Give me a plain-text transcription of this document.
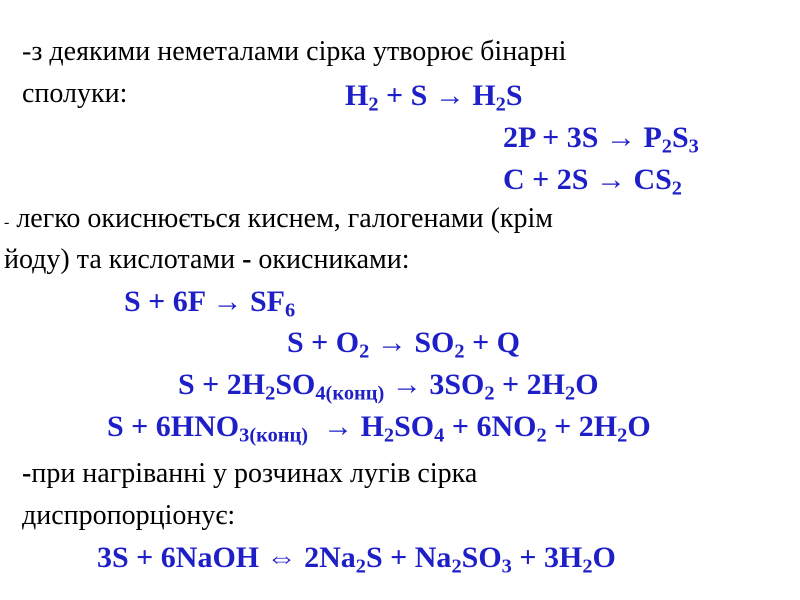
-з деякими неметалами сірка утворює бінарні
сполуки:	$H_2 + S \to H_2S$
$2P + 3S \to P_2S_3$
$C + 2S \to CS_2$
- легко окиснюється киснем, галогенами (крім
йоду) та кислотами - окисниками:
$S + 6F \to SF_6$
$S + O_2 \to SO_2 + Q$
$S + 2H_2SO_{4(конц)} \to 3SO_2 + 2H_2O$
$S + 6HNO_{3(конц)} \to H_2SO_4 + 6NO_2 + 2H_2O$
-при нагріванні у розчинах лугів сірка
диспропорціонує:
3S + 6NaOH ⇔ $2Na_2S + Na_2SO_3 + 3H_2O$
